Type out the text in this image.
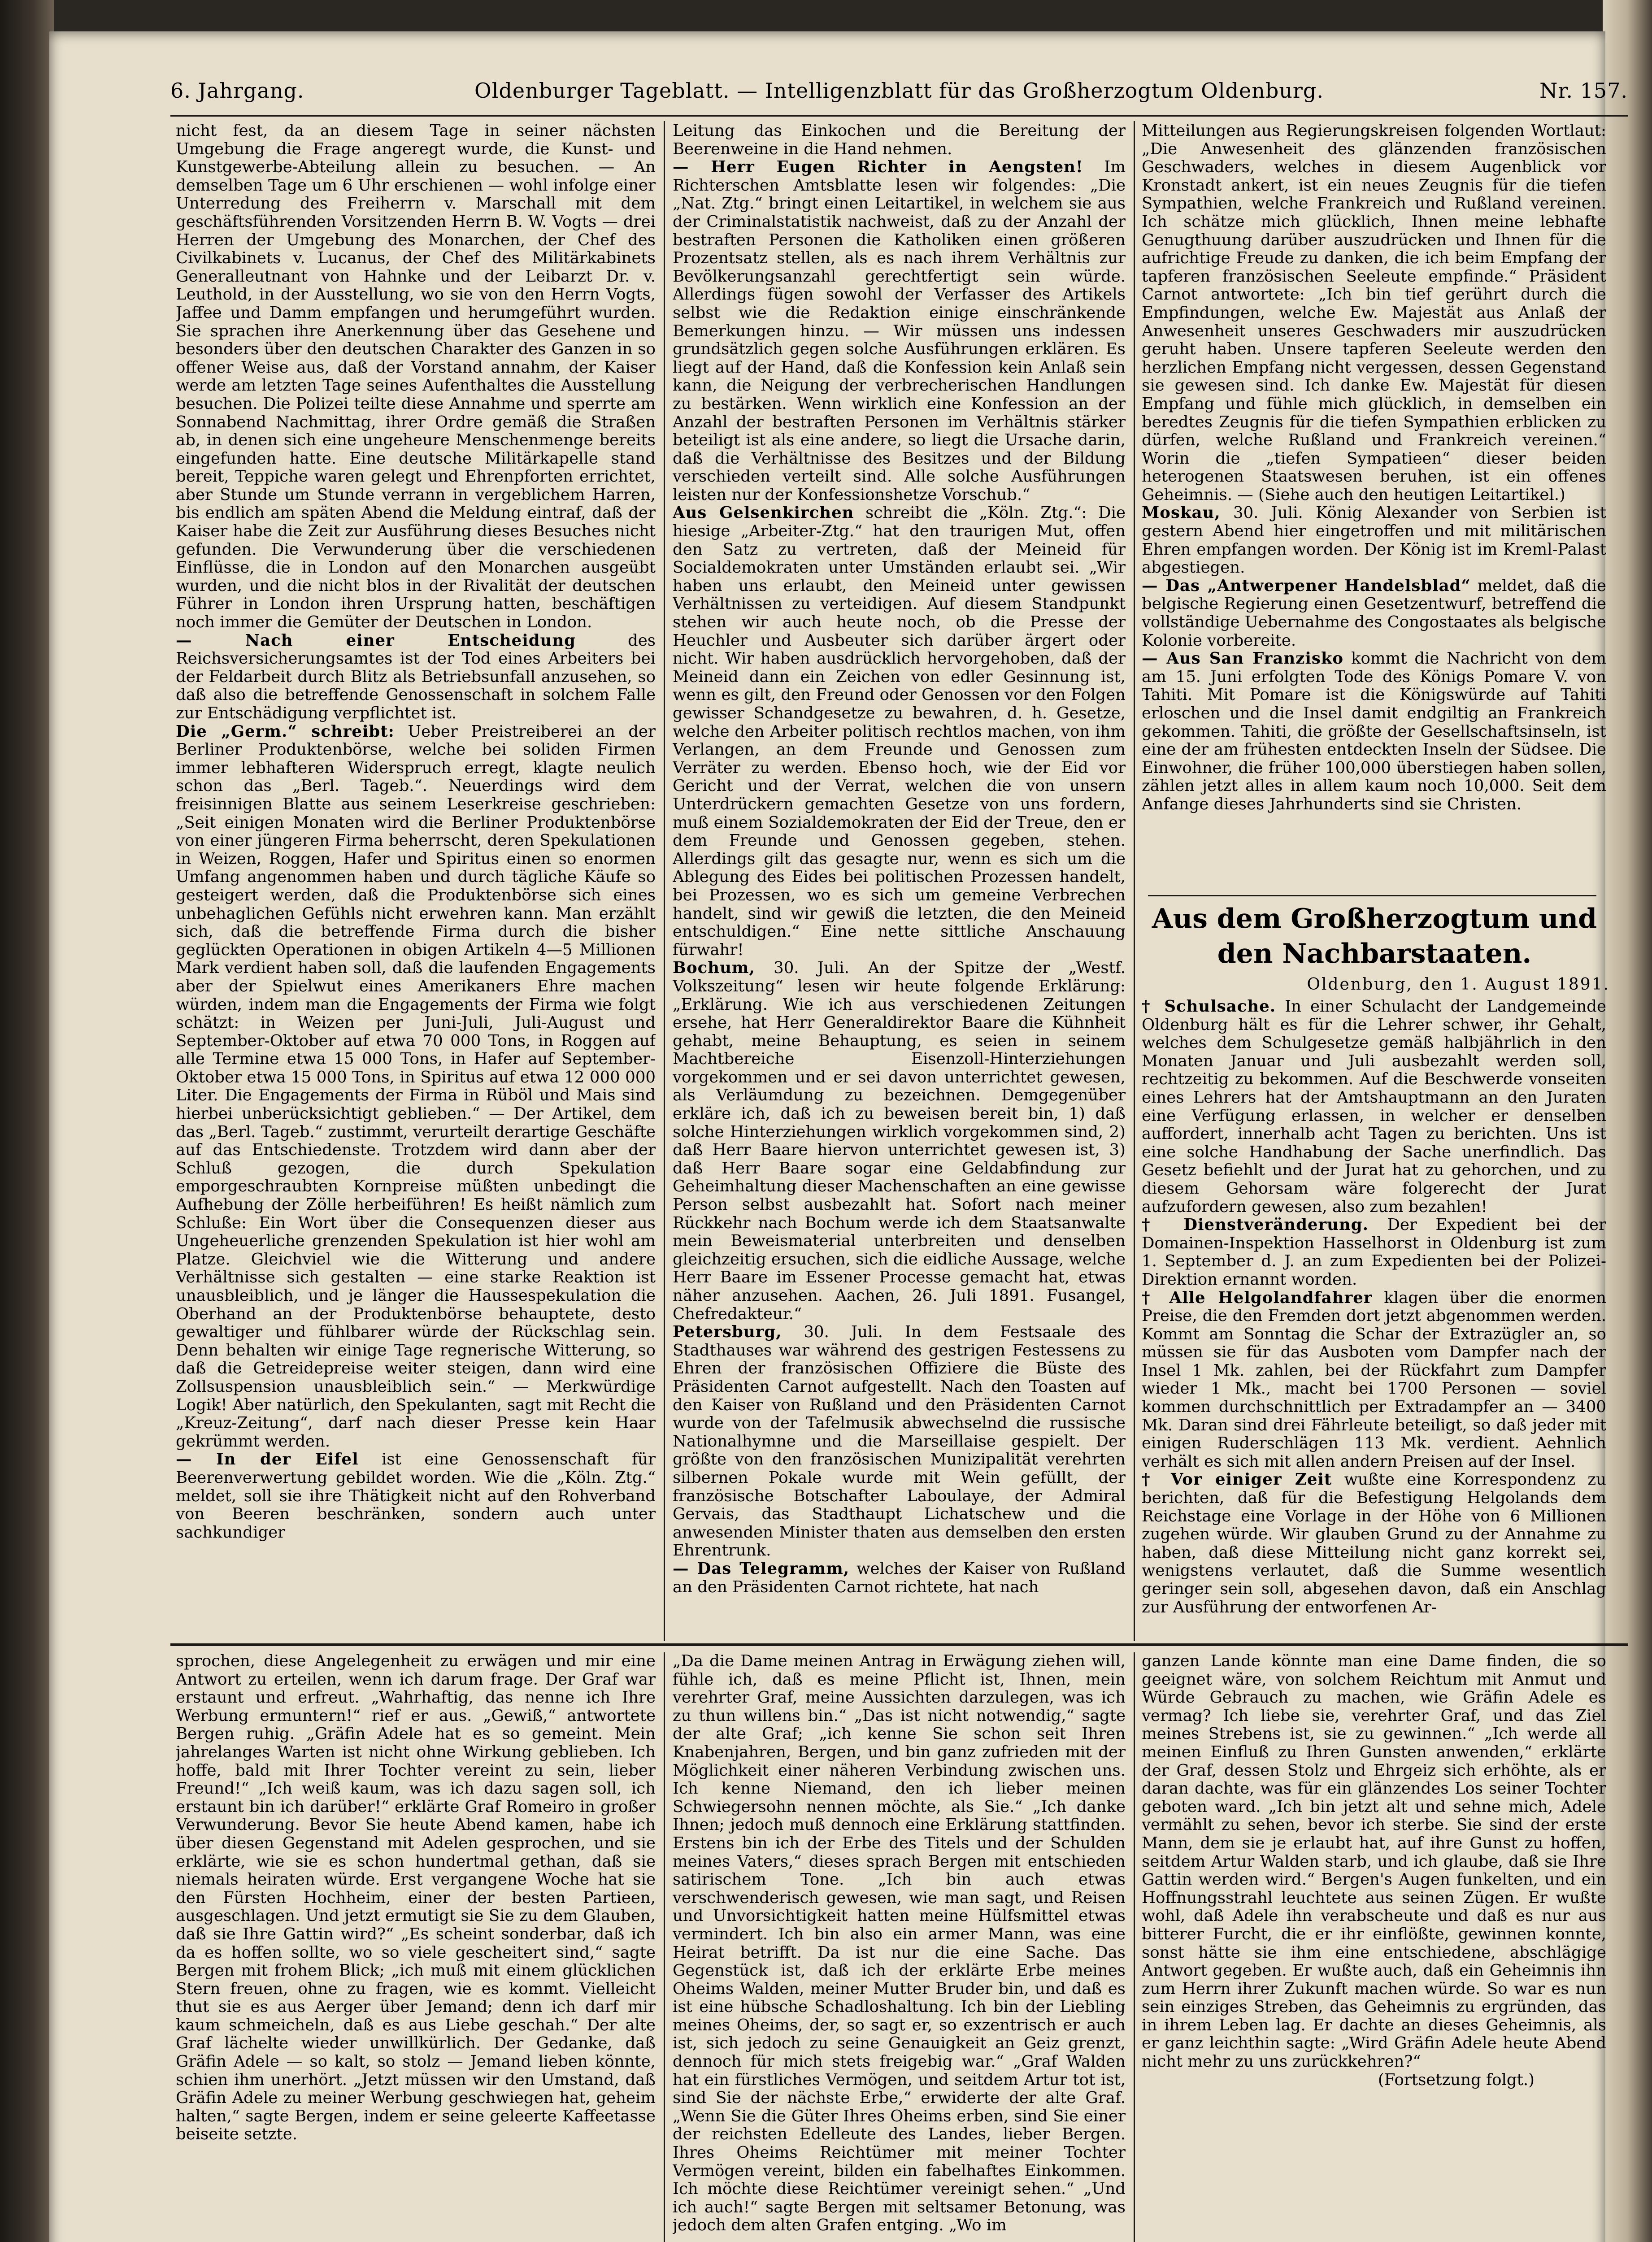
6. Jahrgang.	Oldenburger Tageblatt. — Intelligenzblatt für das Großherzogtum Oldenburg.	Nr. 157.

nicht fest, da an diesem Tage in seiner nächsten Umgebung die Frage angeregt wurde, die Kunst- und Kunstgewerbe-Abteilung allein zu besuchen. — An demselben Tage um 6 Uhr erschienen — wohl infolge einer Unterredung des Freiherrn v. Marschall mit dem geschäftsführenden Vorsitzenden Herrn B. W. Vogts — drei Herren der Umgebung des Monarchen, der Chef des Civilkabinets v. Lucanus, der Chef des Militärkabinets Generalleutnant von Hahnke und der Leibarzt Dr. v. Leuthold, in der Ausstellung, wo sie von den Herrn Vogts, Jaffee und Damm empfangen und herumgeführt wurden. Sie sprachen ihre Anerkennung über das Gesehene und besonders über den deutschen Charakter des Ganzen in so offener Weise aus, daß der Vorstand annahm, der Kaiser werde am letzten Tage seines Aufenthaltes die Ausstellung besuchen. Die Polizei teilte diese Annahme und sperrte am Sonnabend Nachmittag, ihrer Ordre gemäß die Straßen ab, in denen sich eine ungeheure Menschenmenge bereits eingefunden hatte. Eine deutsche Militärkapelle stand bereit, Teppiche waren gelegt und Ehrenpforten errichtet, aber Stunde um Stunde verrann in vergeblichem Harren, bis endlich am späten Abend die Meldung eintraf, daß der Kaiser habe die Zeit zur Ausführung dieses Besuches nicht gefunden. Die Verwunderung über die verschiedenen Einflüsse, die in London auf den Monarchen ausgeübt wurden, und die nicht blos in der Rivalität der deutschen Führer in London ihren Ursprung hatten, beschäftigen noch immer die Gemüter der Deutschen in London.

— Nach einer Entscheidung	des Reichsversicherungsamtes ist der Tod eines Arbeiters bei der Feldarbeit durch Blitz als Betriebsunfall anzusehen, so daß also die betreffende Genossenschaft in solchem Falle zur Entschädigung verpflichtet ist.

Die „Germ.“ schreibt: Ueber Preistreiberei an der Berliner Produktenbörse, welche bei soliden Firmen immer lebhafteren Widerspruch erregt, klagte neulich schon das „Berl. Tageb.“. Neuerdings wird dem freisinnigen Blatte aus seinem Leserkreise geschrieben: „Seit einigen Monaten wird die Berliner Produktenbörse von einer jüngeren Firma beherrscht, deren Spekulationen in Weizen, Roggen, Hafer und Spiritus einen so enormen Umfang angenommen haben und durch tägliche Käufe so gesteigert werden, daß die Produktenbörse sich eines unbehaglichen Gefühls nicht erwehren kann. Man erzählt sich, daß die betreffende Firma durch die bisher geglückten Operationen in obigen Artikeln 4—5 Millionen Mark verdient haben soll, daß die laufenden Engagements aber der Spielwut eines Amerikaners Ehre machen würden, indem man die Engagements der Firma wie folgt schätzt: in Weizen per Juni-Juli, Juli-August und September-Oktober auf etwa 70 000 Tons, in Roggen auf alle Termine etwa 15 000 Tons, in Hafer auf September-Oktober etwa 15 000 Tons, in Spiritus auf etwa 12 000 000 Liter. Die Engagements der Firma in Rüböl und Mais sind hierbei unberücksichtigt geblieben.“ — Der Artikel, dem das „Berl. Tageb.“ zustimmt, verurteilt derartige Geschäfte auf das Entschiedenste. Trotzdem wird dann aber der Schluß gezogen, die durch Spekulation emporgeschraubten Kornpreise müßten unbedingt die Aufhebung der Zölle herbeiführen! Es heißt nämlich zum Schluße: Ein Wort über die Consequenzen dieser aus Ungeheuerliche grenzenden Spekulation ist hier wohl am Platze. Gleichviel wie die Witterung und andere Verhältnisse sich gestalten — eine starke Reaktion ist unausbleiblich, und je länger die Haussespekulation die Oberhand an der Produktenbörse behauptete, desto gewaltiger und fühlbarer würde der Rückschlag sein. Denn behalten wir einige Tage regnerische Witterung, so daß die Getreidepreise weiter steigen, dann wird eine Zollsuspension unausbleiblich sein.“ — Merkwürdige Logik! Aber natürlich, den Spekulanten, sagt mit Recht die „Kreuz-Zeitung“, darf nach dieser Presse kein Haar gekrümmt werden.

— In der Eifel ist eine Genossenschaft für Beerenverwertung gebildet worden. Wie die „Köln. Ztg.“ meldet, soll sie ihre Thätigkeit nicht auf den Rohverband von Beeren beschränken, sondern auch unter sachkundiger

Leitung das Einkochen und die Bereitung der Beerenweine in die Hand nehmen.

— Herr Eugen Richter in Aengsten! Im Richterschen Amtsblatte lesen wir folgendes: „Die „Nat. Ztg.“ bringt einen Leitartikel, in welchem sie aus der Criminalstatistik nachweist, daß zu der Anzahl der bestraften Personen die Katholiken einen größeren Prozentsatz stellen, als es nach ihrem Verhältnis zur Bevölkerungsanzahl gerechtfertigt sein würde. Allerdings fügen sowohl der Verfasser des Artikels selbst wie die Redaktion einige einschränkende Bemerkungen hinzu. — Wir müssen uns indessen grundsätzlich gegen solche Ausführungen erklären. Es liegt auf der Hand, daß die Konfession kein Anlaß sein kann, die Neigung der verbrecherischen Handlungen zu bestärken. Wenn wirklich eine Konfession an der Anzahl der bestraften Personen im Verhältnis stärker beteiligt ist als eine andere, so liegt die Ursache darin, daß die Verhältnisse des Besitzes und der Bildung verschieden verteilt sind. Alle solche Ausführungen leisten nur der Konfessionshetze Vorschub.“

Aus Gelsenkirchen schreibt die „Köln. Ztg.“: Die hiesige „Arbeiter-Ztg.“ hat den traurigen Mut, offen den Satz zu vertreten, daß der Meineid für Socialdemokraten unter Umständen erlaubt sei. „Wir haben uns erlaubt, den Meineid unter gewissen Verhältnissen zu verteidigen. Auf diesem Standpunkt stehen wir auch heute noch, ob die Presse der Heuchler und Ausbeuter sich darüber ärgert oder nicht. Wir haben ausdrücklich hervorgehoben, daß der Meineid dann ein Zeichen von edler Gesinnung ist, wenn es gilt, den Freund oder Genossen vor den Folgen gewisser Schandgesetze zu bewahren, d. h. Gesetze, welche den Arbeiter politisch rechtlos machen, von ihm Verlangen, an dem Freunde und Genossen zum Verräter zu werden. Ebenso hoch, wie der Eid vor Gericht und der Verrat, welchen die von unsern Unterdrückern gemachten Gesetze von uns fordern, muß einem Sozialdemokraten der Eid der Treue, den er dem Freunde und Genossen gegeben, stehen. Allerdings gilt das gesagte nur, wenn es sich um die Ablegung des Eides bei politischen Prozessen handelt, bei Prozessen, wo es sich um gemeine Verbrechen handelt, sind wir gewiß die letzten, die den Meineid entschuldigen.“ Eine nette sittliche Anschauung fürwahr!

Bochum, 30. Juli. An der Spitze der „Westf. Volkszeitung“ lesen wir heute folgende Erklärung: „Erklärung. Wie ich aus verschiedenen Zeitungen ersehe, hat Herr Generaldirektor Baare die Kühnheit gehabt, meine Behauptung, es seien in seinem Machtbereiche Eisenzoll-Hinterziehungen vorgekommen und er sei davon unterrichtet gewesen, als Verläumdung zu bezeichnen. Demgegenüber erkläre ich, daß ich zu beweisen bereit bin, 1) daß solche Hinterziehungen wirklich vorgekommen sind, 2) daß Herr Baare hiervon unterrichtet gewesen ist, 3) daß Herr Baare sogar eine Geldabfindung zur Geheimhaltung dieser Machenschaften an eine gewisse Person selbst ausbezahlt hat. Sofort nach meiner Rückkehr nach Bochum werde ich dem Staatsanwalte mein Beweismaterial unterbreiten und denselben gleichzeitig ersuchen, sich die eidliche Aussage, welche Herr Baare im Essener Processe gemacht hat, etwas näher anzusehen. Aachen, 26. Juli 1891. Fusangel, Chefredakteur.“

Petersburg, 30. Juli. In dem Festsaale des Stadthauses war während des gestrigen Festessens zu Ehren der französischen Offiziere die Büste des Präsidenten Carnot aufgestellt. Nach den Toasten auf den Kaiser von Rußland und den Präsidenten Carnot wurde von der Tafelmusik abwechselnd die russische Nationalhymne und die Marseillaise gespielt. Der größte von den französischen Munizipalität verehrten silbernen Pokale wurde mit Wein gefüllt, der französische Botschafter Laboulaye, der Admiral Gervais, das Stadthaupt Lichatschew und die anwesenden Minister thaten aus demselben den ersten Ehrentrunk.

— Das Telegramm, welches der Kaiser von Rußland an den Präsidenten Carnot richtete, hat nach

Mitteilungen aus Regierungskreisen folgenden Wortlaut: „Die Anwesenheit des glänzenden französischen Geschwaders, welches in diesem Augenblick vor Kronstadt ankert, ist ein neues Zeugnis für die tiefen Sympathien, welche Frankreich und Rußland vereinen. Ich schätze mich glücklich, Ihnen meine lebhafte Genugthuung darüber auszudrücken und Ihnen für die aufrichtige Freude zu danken, die ich beim Empfang der tapferen französischen Seeleute empfinde.“ Präsident Carnot antwortete: „Ich bin tief gerührt durch die Empfindungen, welche Ew. Majestät aus Anlaß der Anwesenheit unseres Geschwaders mir auszudrücken geruht haben. Unsere tapferen Seeleute werden den herzlichen Empfang nicht vergessen, dessen Gegenstand sie gewesen sind. Ich danke Ew. Majestät für diesen Empfang und fühle mich glücklich, in demselben ein beredtes Zeugnis für die tiefen Sympathien erblicken zu dürfen, welche Rußland und Frankreich vereinen.“ Worin die „tiefen Sympatieen“ dieser beiden heterogenen Staatswesen beruhen, ist ein offenes Geheimnis. — (Siehe auch den heutigen Leitartikel.)

Moskau, 30. Juli. König Alexander von Serbien ist gestern Abend hier eingetroffen und mit militärischen Ehren empfangen worden. Der König ist im Kreml-Palast abgestiegen.

— Das „Antwerpener Handelsblad“ meldet, daß die belgische Regierung einen Gesetzentwurf, betreffend die vollständige Uebernahme des Congostaates als belgische Kolonie vorbereite.

— Aus San Franzisko kommt die Nachricht von dem am 15. Juni erfolgten Tode des Königs Pomare V. von Tahiti. Mit Pomare ist die Königswürde auf Tahiti erloschen und die Insel damit endgiltig an Frankreich gekommen. Tahiti, die größte der Gesellschaftsinseln, ist eine der am frühesten entdeckten Inseln der Südsee. Die Einwohner, die früher 100,000 überstiegen haben sollen, zählen jetzt alles in allem kaum noch 10,000. Seit dem Anfange dieses Jahrhunderts sind sie Christen.

Aus dem Großherzogtum und den Nachbarstaaten.
Oldenburg, den 1. August 1891.

† Schulsache. In einer Schulacht der Landgemeinde Oldenburg hält es für die Lehrer schwer, ihr Gehalt, welches dem Schulgesetze gemäß halbjährlich in den Monaten Januar und Juli ausbezahlt werden soll, rechtzeitig zu bekommen. Auf die Beschwerde vonseiten eines Lehrers hat der Amtshauptmann an den Juraten eine Verfügung erlassen, in welcher er denselben auffordert, innerhalb acht Tagen zu berichten. Uns ist eine solche Handhabung der Sache unerfindlich. Das Gesetz befiehlt und der Jurat hat zu gehorchen, und zu diesem Gehorsam wäre folgerecht der Jurat aufzufordern gewesen, also zum bezahlen!

† Dienstveränderung. Der Expedient bei der Domainen-Inspektion Hasselhorst in Oldenburg ist zum 1. September d. J. an zum Expedienten bei der Polizei-Direktion ernannt worden.

† Alle Helgolandfahrer klagen über die enormen Preise, die den Fremden dort jetzt abgenommen werden. Kommt am Sonntag die Schar der Extrazügler an, so müssen sie für das Ausboten vom Dampfer nach der Insel 1 Mk. zahlen, bei der Rückfahrt zum Dampfer wieder 1 Mk., macht bei 1700 Personen — soviel kommen durchschnittlich per Extradampfer an — 3400 Mk. Daran sind drei Fährleute beteiligt, so daß jeder mit einigen Ruderschlägen 113 Mk. verdient. Aehnlich verhält es sich mit allen andern Preisen auf der Insel.

† Vor einiger Zeit wußte eine Korrespondenz zu berichten, daß für die Befestigung Helgolands dem Reichstage eine Vorlage in der Höhe von 6 Millionen zugehen würde. Wir glauben Grund zu der Annahme zu haben, daß diese Mitteilung nicht ganz korrekt sei, wenigstens verlautet, daß die Summe wesentlich geringer sein soll, abgesehen davon, daß ein Anschlag zur Ausführung der entworfenen Ar-

sprochen, diese Angelegenheit zu erwägen und mir eine Antwort zu erteilen, wenn ich darum frage. Der Graf war erstaunt und erfreut. „Wahrhaftig, das nenne ich Ihre Werbung ermuntern!“ rief er aus. „Gewiß,“ antwortete Bergen ruhig. „Gräfin Adele hat es so gemeint. Mein jahrelanges Warten ist nicht ohne Wirkung geblieben. Ich hoffe, bald mit Ihrer Tochter vereint zu sein, lieber Freund!“ „Ich weiß kaum, was ich dazu sagen soll, ich erstaunt bin ich darüber!“ erklärte Graf Romeiro in großer Verwunderung. Bevor Sie heute Abend kamen, habe ich über diesen Gegenstand mit Adelen gesprochen, und sie erklärte, wie sie es schon hundertmal gethan, daß sie niemals heiraten würde. Erst vergangene Woche hat sie den Fürsten Hochheim, einer der besten Partieen, ausgeschlagen. Und jetzt ermutigt sie Sie zu dem Glauben, daß sie Ihre Gattin wird?“ „Es scheint sonderbar, daß ich da es hoffen sollte, wo so viele gescheitert sind,“ sagte Bergen mit frohem Blick; „ich muß mit einem glücklichen Stern freuen, ohne zu fragen, wie es kommt. Vielleicht thut sie es aus Aerger über Jemand; denn ich darf mir kaum schmeicheln, daß es aus Liebe geschah.“ Der alte Graf lächelte wieder unwillkürlich. Der Gedanke, daß Gräfin Adele — so kalt, so stolz — Jemand lieben könnte, schien ihm unerhört. „Jetzt müssen wir den Umstand, daß Gräfin Adele zu meiner Werbung geschwiegen hat, geheim halten,“ sagte Bergen, indem er seine geleerte Kaffeetasse beiseite setzte.

„Da die Dame meinen Antrag in Erwägung ziehen will, fühle ich, daß es meine Pflicht ist, Ihnen, mein verehrter Graf, meine Aussichten darzulegen, was ich zu thun willens bin.“ „Das ist nicht notwendig,“ sagte der alte Graf; „ich kenne Sie schon seit Ihren Knabenjahren, Bergen, und bin ganz zufrieden mit der Möglichkeit einer näheren Verbindung zwischen uns. Ich kenne Niemand, den ich lieber meinen Schwiegersohn nennen möchte, als Sie.“ „Ich danke Ihnen; jedoch muß dennoch eine Erklärung stattfinden. Erstens bin ich der Erbe des Titels und der Schulden meines Vaters,“ dieses sprach Bergen mit entschieden satirischem Tone. „Ich bin auch etwas verschwenderisch gewesen, wie man sagt, und Reisen und Unvorsichtigkeit hatten meine Hülfsmittel etwas vermindert. Ich bin also ein armer Mann, was eine Heirat betrifft. Da ist nur die eine Sache. Das Gegenstück ist, daß ich der erklärte Erbe meines Oheims Walden, meiner Mutter Bruder bin, und daß es ist eine hübsche Schadloshaltung. Ich bin der Liebling meines Oheims, der, so sagt er, so exzentrisch er auch ist, sich jedoch zu seine Genauigkeit an Geiz grenzt, dennoch für mich stets freigebig war.“ „Graf Walden hat ein fürstliches Vermögen, und seitdem Artur tot ist, sind Sie der nächste Erbe,“ erwiderte der alte Graf. „Wenn Sie die Güter Ihres Oheims erben, sind Sie einer der reichsten Edelleute des Landes, lieber Bergen. Ihres Oheims Reichtümer mit meiner Tochter Vermögen vereint, bilden ein fabelhaftes Einkommen. Ich möchte diese Reichtümer vereinigt sehen.“ „Und ich auch!“ sagte Bergen mit seltsamer Betonung, was jedoch dem alten Grafen entging. „Wo im

ganzen Lande könnte man eine Dame finden, die so geeignet wäre, von solchem Reichtum mit Anmut und Würde Gebrauch zu machen, wie Gräfin Adele es vermag? Ich liebe sie, verehrter Graf, und das Ziel meines Strebens ist, sie zu gewinnen.“ „Ich werde all meinen Einfluß zu Ihren Gunsten anwenden,“ erklärte der Graf, dessen Stolz und Ehrgeiz sich erhöhte, als er daran dachte, was für ein glänzendes Los seiner Tochter geboten ward. „Ich bin jetzt alt und sehne mich, Adele vermählt zu sehen, bevor ich sterbe. Sie sind der erste Mann, dem sie je erlaubt hat, auf ihre Gunst zu hoffen, seitdem Artur Walden starb, und ich glaube, daß sie Ihre Gattin werden wird.“ Bergen's Augen funkelten, und ein Hoffnungsstrahl leuchtete aus seinen Zügen. Er wußte wohl, daß Adele ihn verabscheute und daß es nur aus bitterer Furcht, die er ihr einflößte, gewinnen konnte, sonst hätte sie ihm eine entschiedene, abschlägige Antwort gegeben. Er wußte auch, daß ein Geheimnis ihn zum Herrn ihrer Zukunft machen würde. So war es nun sein einziges Streben, das Geheimnis zu ergründen, das in ihrem Leben lag. Er dachte an dieses Geheimnis, als er ganz leichthin sagte: „Wird Gräfin Adele heute Abend nicht mehr zu uns zurückkehren?“

(Fortsetzung folgt.)
